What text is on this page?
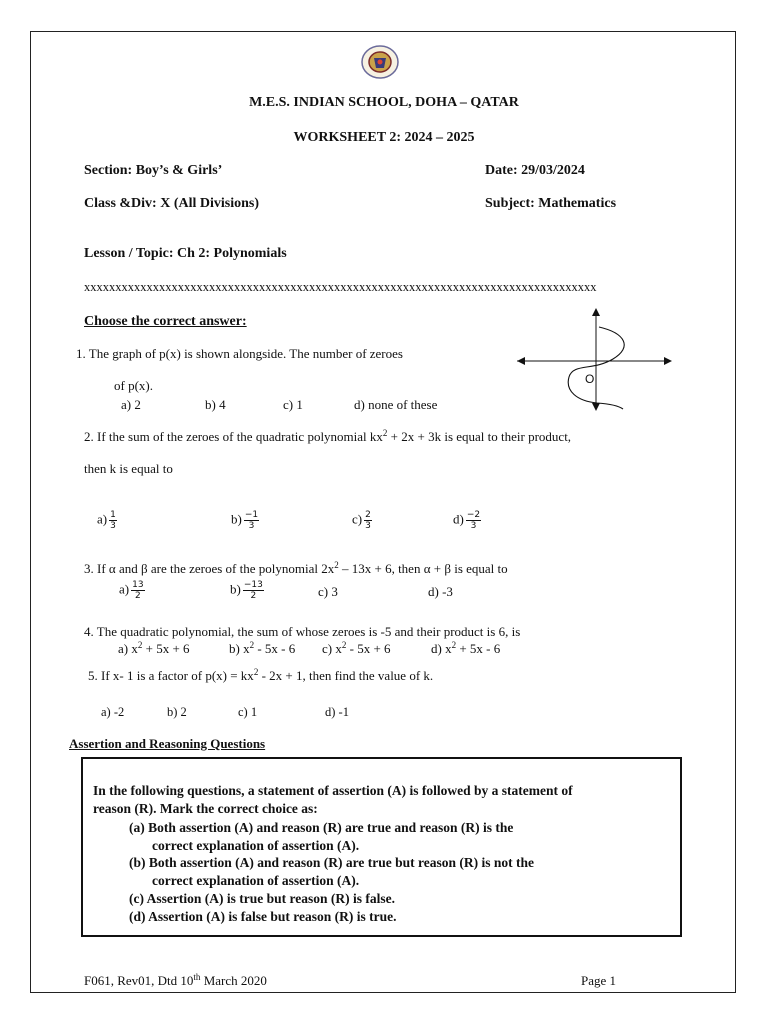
M.E.S. INDIAN SCHOOL, DOHA – QATAR
WORKSHEET 2: 2024 – 2025
Section: Boy’s & Girls’	Date: 29/03/2024
Class &Div: X (All Divisions)	Subject: Mathematics
Lesson / Topic: Ch 2: Polynomials
xxxxxxxxxxxxxxxxxxxxxxxxxxxxxxxxxxxxxxxxxxxxxxxxxxxxxxxxxxxxxxxxxxxxxxxxxxxxxxxxxx
Choose the correct answer:
1. The graph of p(x) is shown alongside. The number of zeroes
of p(x).
a) 2	b) 4	c) 1	d) none of these
O
2. If the sum of the zeroes of the quadratic polynomial $kx^2 + 2x + 3k$ is equal to their product,
then k is equal to
$a) \frac{1}{3}$	$b) \frac{-1}{3}$	$c) \frac{2}{3}$	$d) \frac{-2}{3}$
3. If α and β are the zeroes of the polynomial $2x^2 - 13x + 6$, then α + β is equal to
$a) \frac{13}{2}$	$b) \frac{-13}{2}$	c) 3	d) -3
4. The quadratic polynomial, the sum of whose zeroes is -5 and their product is 6, is
a) $x^2 + 5x + 6$	b) $x^2 - 5x - 6$ c) $x^2 - 5x + 6$	d) $x^2 + 5x - 6$
5. If x- 1 is a factor of $p(x) = kx^2 - 2x + 1$, then find the value of k.
a) -2	b) 2	c) 1	d) -1
Assertion and Reasoning Questions
In the following questions, a statement of assertion (A) is followed by a statement of
reason (R). Mark the correct choice as:
(a) Both assertion (A) and reason (R) are true and reason (R) is the
correct explanation of assertion (A).
(b) Both assertion (A) and reason (R) are true but reason (R) is not the
correct explanation of assertion (A).
(c) Assertion (A) is true but reason (R) is false.
(d) Assertion (A) is false but reason (R) is true.
F061, Rev01, Dtd 10th March 2020	Page 1
